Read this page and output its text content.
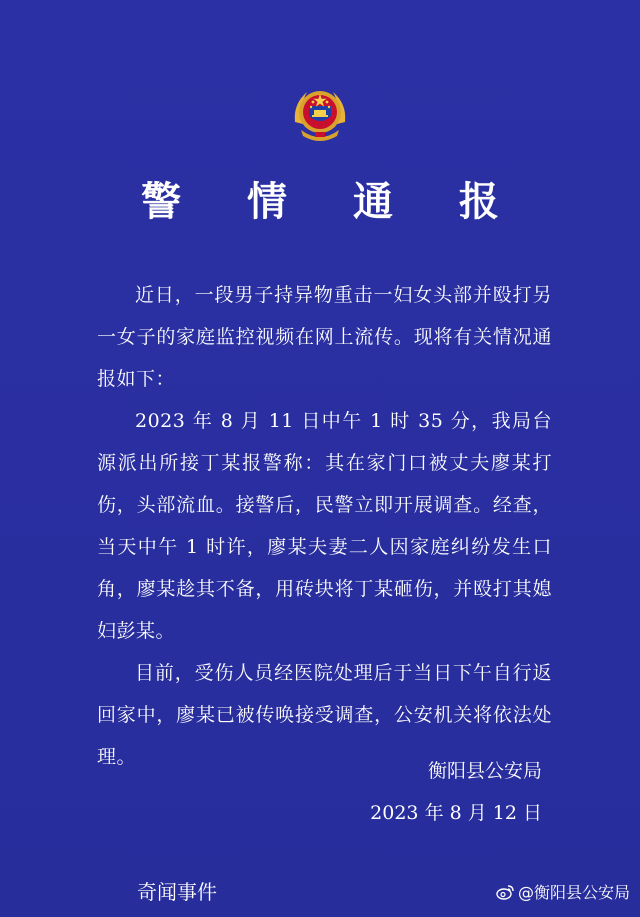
警 情 通 报

近日，一段男子持异物重击一妇女头部并殴打另一女子的家庭监控视频在网上流传。现将有关情况通报如下：

2023 年 8 月 11 日中午 1 时 35 分，我局台源派出所接丁某报警称：其在家门口被丈夫廖某打伤，头部流血。接警后，民警立即开展调查。经查，当天中午 1 时许，廖某夫妻二人因家庭纠纷发生口角，廖某趁其不备，用砖块将丁某砸伤，并殴打其媳妇彭某。

目前，受伤人员经医院处理后于当日下午自行返回家中，廖某已被传唤接受调查，公安机关将依法处理。

衡阳县公安局
2023 年 8 月 12 日
奇闻事件	@衡阳县公安局
